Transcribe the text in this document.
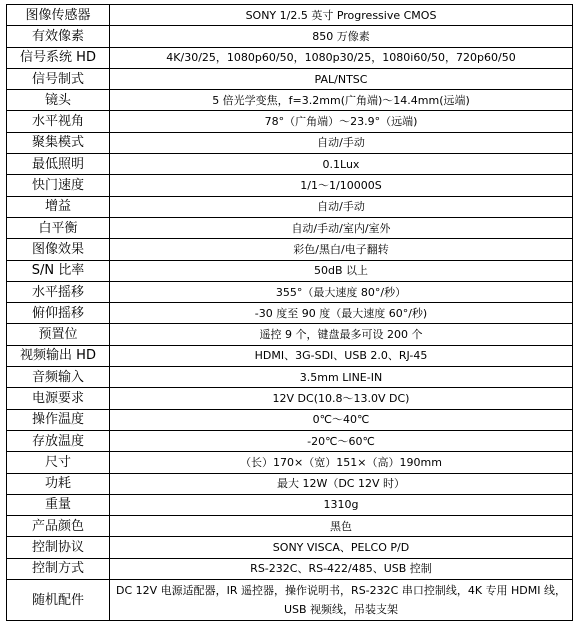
图像传感器	SONY 1/2.5 英寸 Progressive CMOS
有效像素	850 万像素
信号系统 HD	4K/30/25，1080p60/50，1080p30/25，1080i60/50，720p60/50
信号制式	PAL/NTSC
镜头	5 倍光学变焦，f=3.2mm(广角端)～14.4mm(远端)
水平视角	78°（广角端）～23.9°（远端)
聚集模式	自动/手动
最低照明	0.1Lux
快门速度	1/1～1/10000S
增益	自动/手动
白平衡	自动/手动/室内/室外
图像效果	彩色/黑白/电子翻转
S/N 比率	50dB 以上
水平摇移	355°（最大速度 80°/秒）
俯仰摇移	-30 度至 90 度（最大速度 60°/秒)
预置位	遥控 9 个，键盘最多可设 200 个
视频输出 HD	HDMI、3G-SDI、USB 2.0、RJ-45
音频输入	3.5mm LINE-IN
电源要求	12V DC(10.8～13.0V DC)
操作温度	0℃～40℃
存放温度	-20℃～60℃
尺寸	（长）170×（宽）151×（高）190mm
功耗	最大 12W（DC 12V 时）
重量	1310g
产品颜色	黑色
控制协议	SONY VISCA、PELCO P/D
控制方式	RS-232C、RS-422/485、USB 控制
随机配件	DC 12V 电源适配器，IR 遥控器，操作说明书，RS-232C 串口控制线，4K 专用 HDMI 线，USB 视频线，吊装支架
